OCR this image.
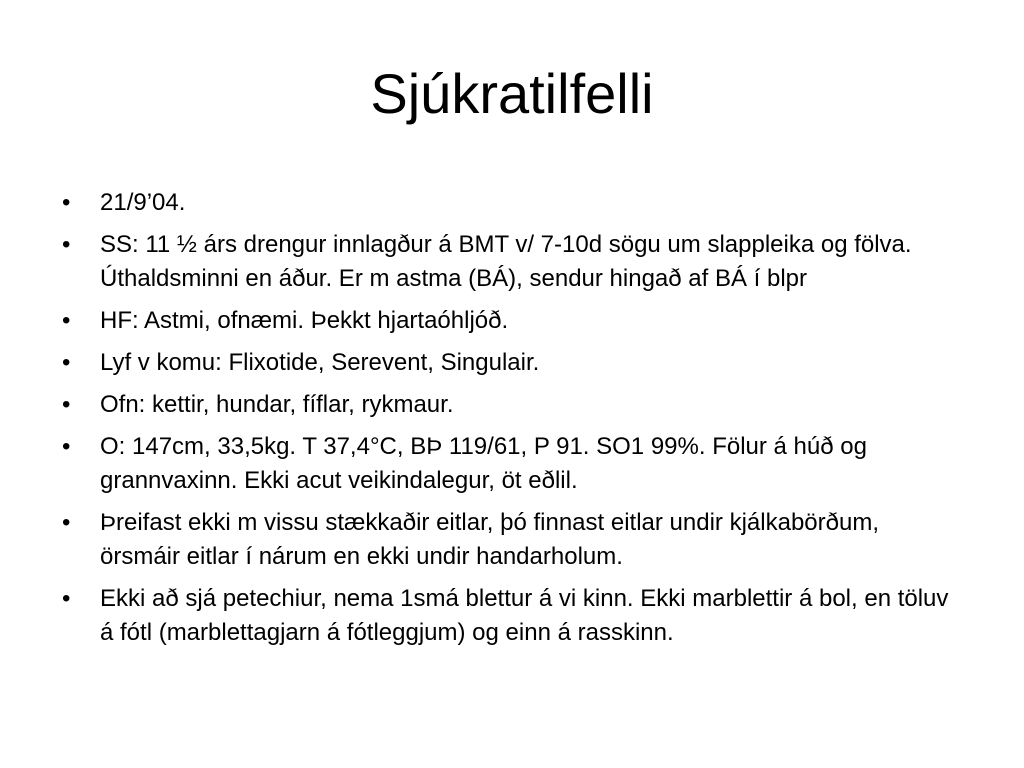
Sjúkratilfelli
•	21/9’04.
•	SS: 11 ½ árs drengur innlagður á BMT v/ 7-10d sögu um slappleika og fölva. Úthaldsminni en áður. Er m astma (BÁ), sendur hingað af BÁ í blpr
•	HF: Astmi, ofnæmi. Þekkt hjartaóhljóð.
•	Lyf v komu: Flixotide, Serevent, Singulair.
•	Ofn: kettir, hundar, fíflar, rykmaur.
•	O: 147cm, 33,5kg. T 37,4°C, BÞ 119/61, P 91. SO1 99%. Fölur á húð og grannvaxinn. Ekki acut veikindalegur, öt eðlil.
•	Þreifast ekki m vissu stækkaðir eitlar, þó finnast eitlar undir kjálkabörðum, örsmáir eitlar í nárum en ekki undir handarholum.
•	Ekki að sjá petechiur, nema 1smá blettur á vi kinn. Ekki marblettir á bol, en töluv á fótl (marblettagjarn á fótleggjum) og einn á rasskinn.
